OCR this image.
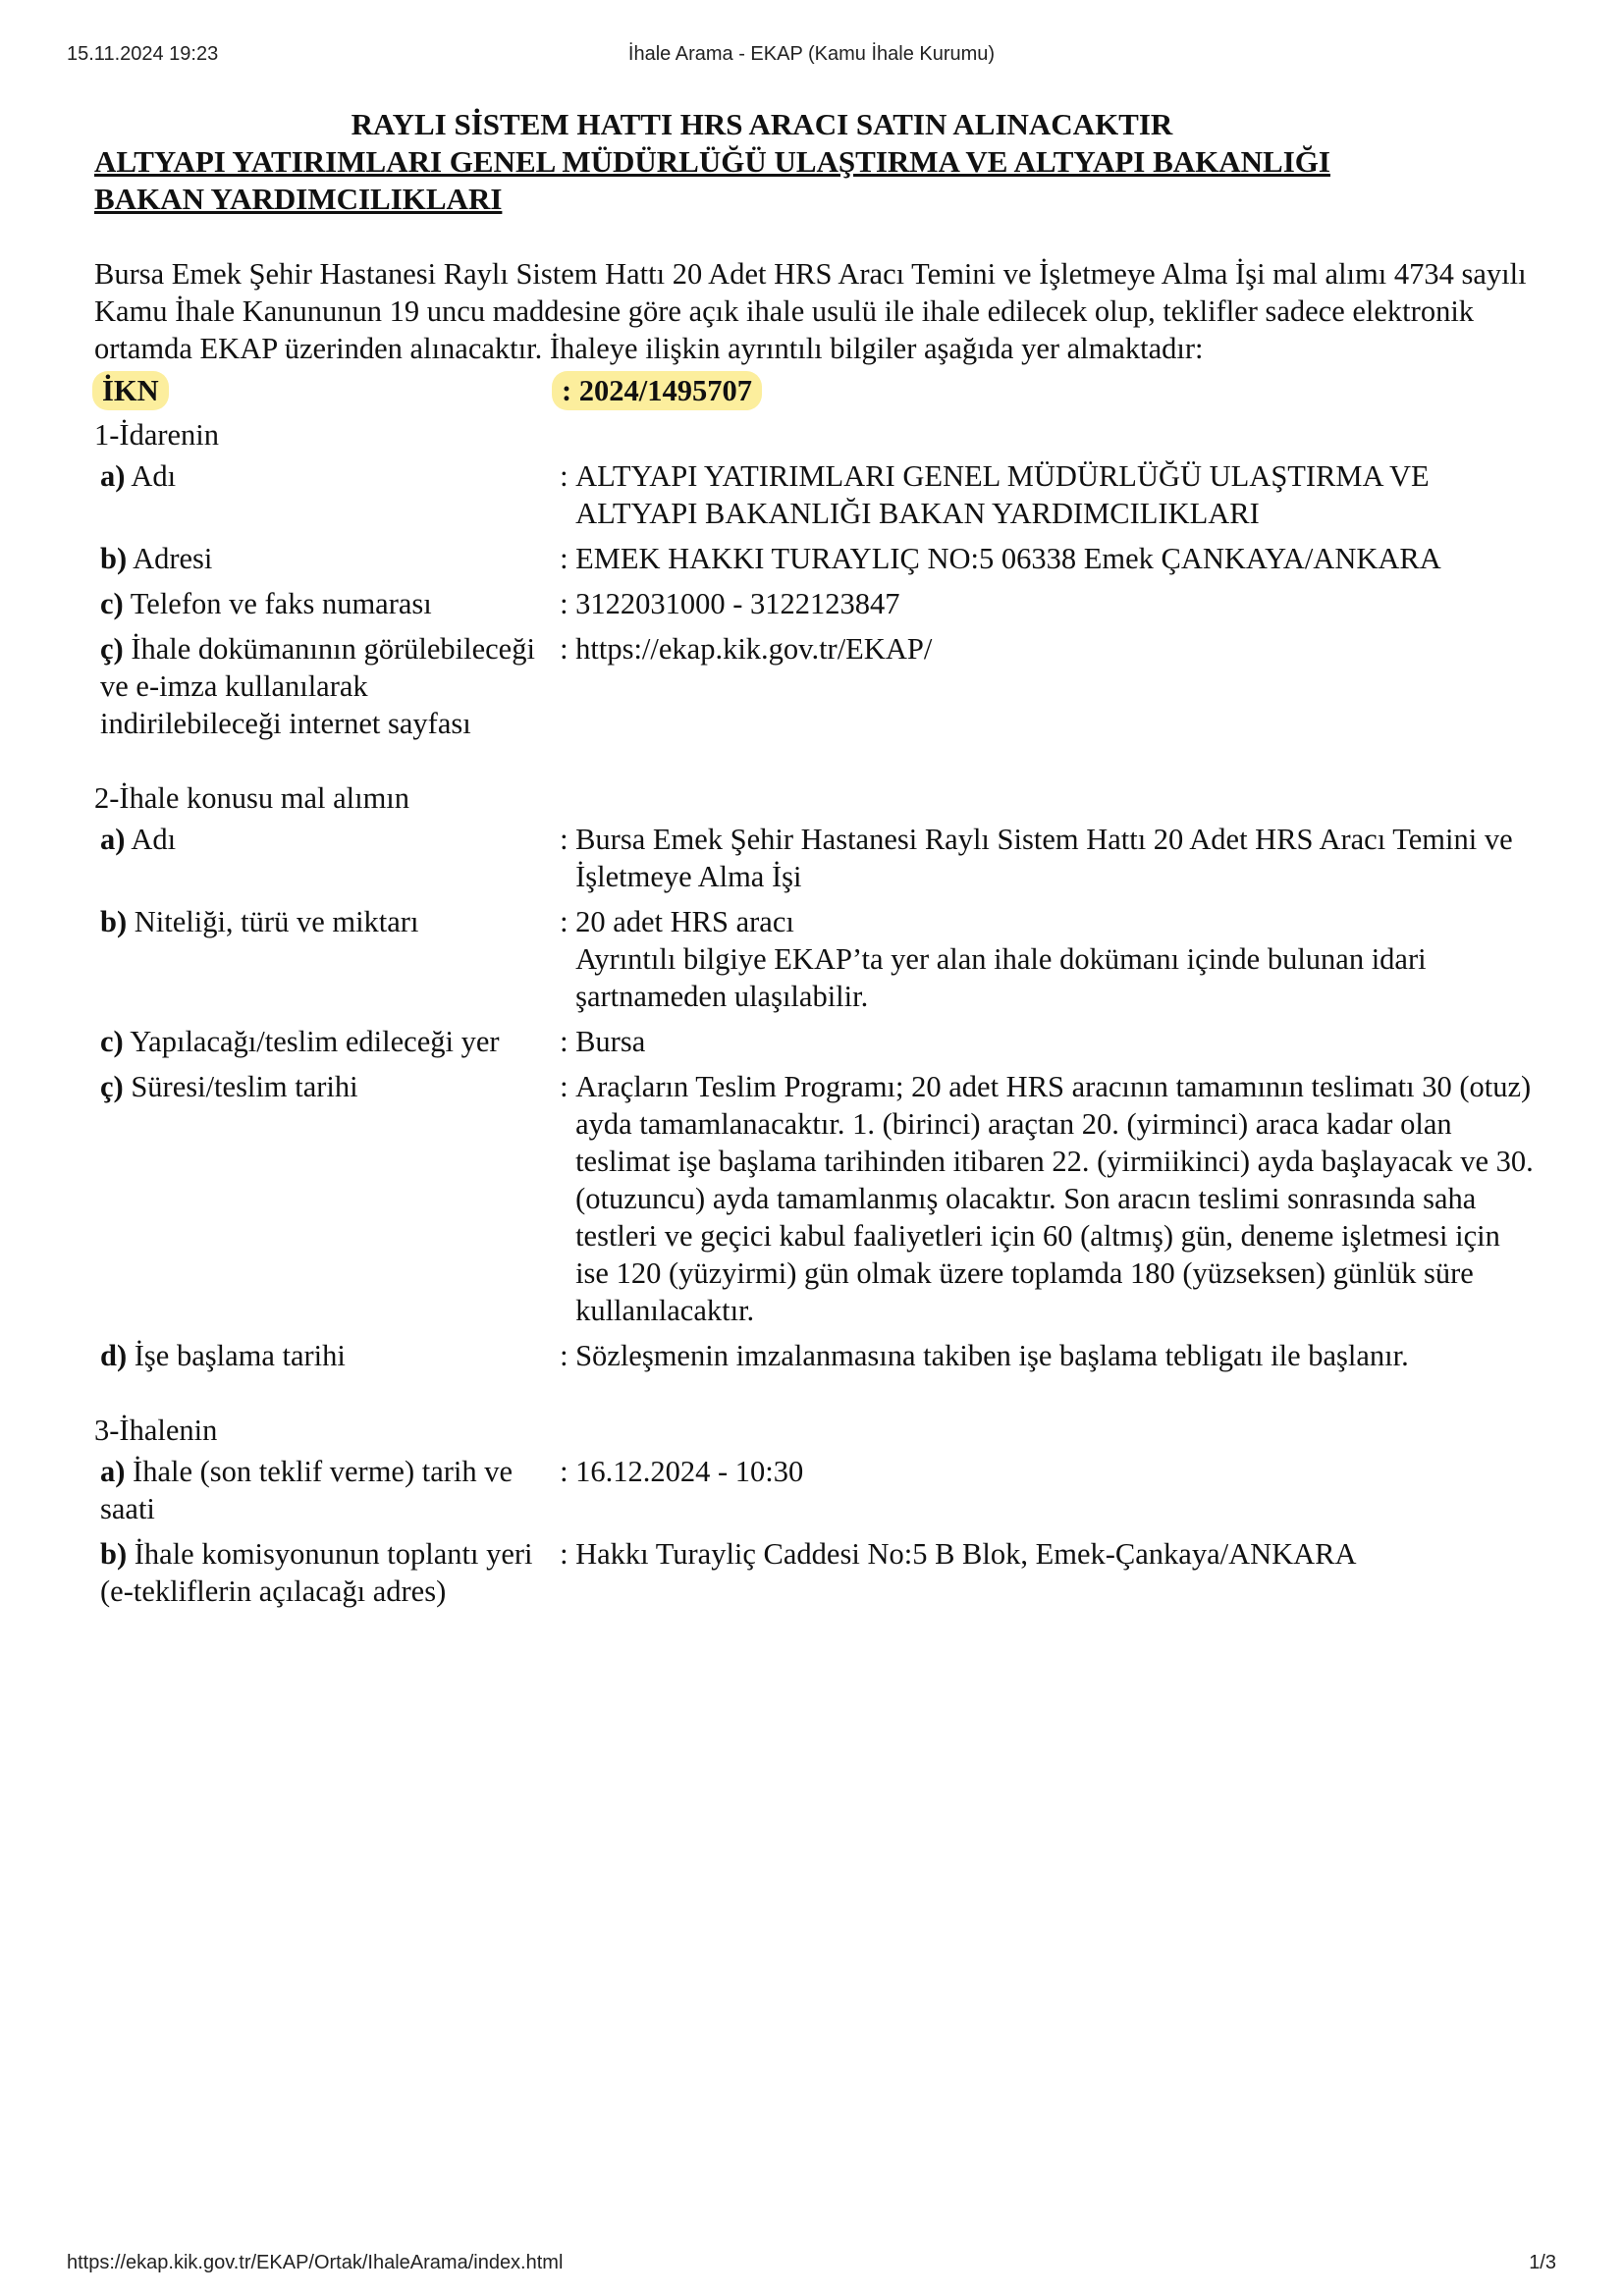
15.11.2024 19:23	İhale Arama - EKAP (Kamu İhale Kurumu)
RAYLI SİSTEM HATTI HRS ARACI SATIN ALINACAKTIR
ALTYAPI YATIRIMLARI GENEL MÜDÜRLÜĞÜ ULAŞTIRMA VE ALTYAPI BAKANLIĞI
BAKAN YARDIMCILIKLARI
Bursa Emek Şehir Hastanesi Raylı Sistem Hattı 20 Adet HRS Aracı Temini ve İşletmeye Alma İşi mal alımı 4734 sayılı Kamu İhale Kanununun 19 uncu maddesine göre açık ihale usulü ile ihale edilecek olup, teklifler sadece elektronik ortamda EKAP üzerinden alınacaktır. İhaleye ilişkin ayrıntılı bilgiler aşağıda yer almaktadır:
İKN	: 2024/1495707
1-İdarenin
a) Adı	: ALTYAPI YATIRIMLARI GENEL MÜDÜRLÜĞÜ ULAŞTIRMA VE ALTYAPI BAKANLIĞI BAKAN YARDIMCILIKLARI
b) Adresi	: EMEK HAKKI TURAYLIÇ NO:5 06338 Emek ÇANKAYA/ANKARA
c) Telefon ve faks numarası	: 3122031000 - 3122123847
ç) İhale dokümanının görülebileceği ve e-imza kullanılarak indirilebileceği internet sayfası
: https://ekap.kik.gov.tr/EKAP/
2-İhale konusu mal alımın
a) Adı	: Bursa Emek Şehir Hastanesi Raylı Sistem Hattı 20 Adet HRS Aracı Temini ve İşletmeye Alma İşi
b) Niteliği, türü ve miktarı	: 20 adet HRS aracı
Ayrıntılı bilgiye EKAP’ta yer alan ihale dokümanı içinde bulunan idari şartnameden ulaşılabilir.
c) Yapılacağı/teslim edileceği yer	: Bursa
ç) Süresi/teslim tarihi	: Araçların Teslim Programı; 20 adet HRS aracının tamamının teslimatı 30 (otuz) ayda tamamlanacaktır. 1. (birinci) araçtan 20. (yirminci) araca kadar olan teslimat işe başlama tarihinden itibaren 22. (yirmiikinci) ayda başlayacak ve 30. (otuzuncu) ayda tamamlanmış olacaktır. Son aracın teslimi sonrasında saha testleri ve geçici kabul faaliyetleri için 60 (altmış) gün, deneme işletmesi için ise 120 (yüzyirmi) gün olmak üzere toplamda 180 (yüzseksen) günlük süre kullanılacaktır.
d) İşe başlama tarihi	: Sözleşmenin imzalanmasına takiben işe başlama tebligatı ile başlanır.
3-İhalenin
a) İhale (son teklif verme) tarih ve saati
: 16.12.2024 - 10:30
b) İhale komisyonunun toplantı yeri (e-tekliflerin açılacağı adres)
: Hakkı Turayliç Caddesi No:5 B Blok, Emek-Çankaya/ANKARA
https://ekap.kik.gov.tr/EKAP/Ortak/IhaleArama/index.html	1/3
